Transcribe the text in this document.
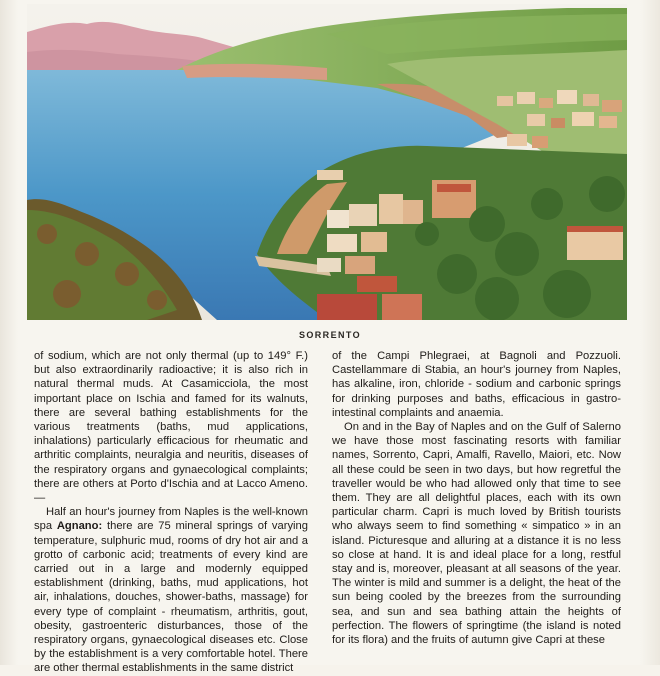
SORRENTO

of sodium, which are not only thermal (up to 149° F.) but also extraordinarily radioactive; it is also rich in natural thermal muds. At Casamicciola, the most important place on Ischia and famed for its walnuts, there are several bathing establishments for the various treatments (baths, mud applications, inhalations) particularly efficacious for rheumatic and arthritic complaints, neuralgia and neuritis, diseases of the respiratory organs and gynaecological complaints; there are others at Porto d'Ischia and at Lacco Ameno. —

Half an hour's journey from Naples is the well-known spa Agnano: there are 75 mineral springs of varying temperature, sulphuric mud, rooms of dry hot air and a grotto of carbonic acid; treatments of every kind are carried out in a large and modernly equipped establishment (drinking, baths, mud applications, hot air, inhalations, douches, shower-baths, massage) for every type of complaint - rheumatism, arthritis, gout, obesity, gastroenteric disturbances, those of the respiratory organs, gynaecological diseases etc. Close by the establishment is a very comfortable hotel. There are other thermal establishments in the same district

of the Campi Phlegraei, at Bagnoli and Pozzuoli. Castellammare di Stabia, an hour's journey from Naples, has alkaline, iron, chloride - sodium and carbonic springs for drinking purposes and baths, efficacious in gastro-intestinal complaints and anaemia.

On and in the Bay of Naples and on the Gulf of Salerno we have those most fascinating resorts with familiar names, Sorrento, Capri, Amalfi, Ravello, Maiori, etc. Now all these could be seen in two days, but how regretful the traveller would be who had allowed only that time to see them. They are all delightful places, each with its own particular charm. Capri is much loved by British tourists who always seem to find something « simpatico » in an island. Picturesque and alluring at a distance it is no less so close at hand. It is and ideal place for a long, restful stay and is, moreover, pleasant at all seasons of the year. The winter is mild and summer is a delight, the heat of the sun being cooled by the breezes from the surrounding sea, and sun and sea bathing attain the heights of perfection. The flowers of springtime (the island is noted for its flora) and the fruits of autumn give Capri at these
